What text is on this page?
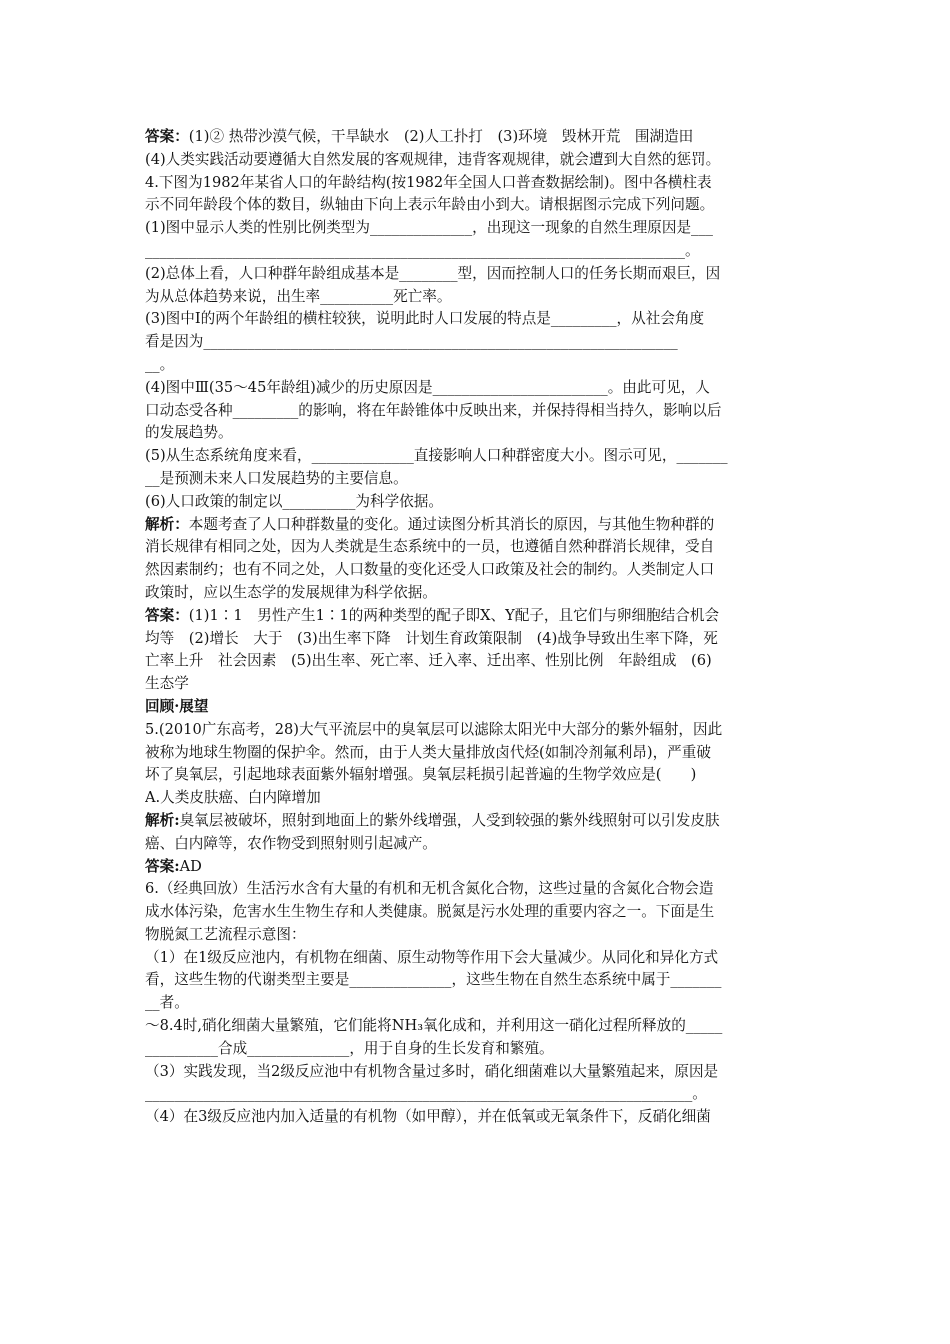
答案：(1)② 热带沙漠气候，干旱缺水　(2)人工扑打　(3)环境　毁林开荒　围湖造田
(4)人类实践活动要遵循大自然发展的客观规律，违背客观规律，就会遭到大自然的惩罚。
4.下图为1982年某省人口的年龄结构(按1982年全国人口普查数据绘制)。图中各横柱表
示不同年龄段个体的数目，纵轴由下向上表示年龄由小到大。请根据图示完成下列问题。
(1)图中显示人类的性别比例类型为______________，出现这一现象的自然生理原因是___
__________________________________________________________________________。
(2)总体上看，人口种群年龄组成基本是________型，因而控制人口的任务长期而艰巨，因
为从总体趋势来说，出生率__________死亡率。
(3)图中Ⅰ的两个年龄组的横柱较狭，说明此时人口发展的特点是_________，从社会角度
看是因为_________________________________________________________________
__。
(4)图中Ⅲ(35～45年龄组)减少的历史原因是________________________。由此可见，人
口动态受各种_________的影响，将在年龄锥体中反映出来，并保持得相当持久，影响以后
的发展趋势。
(5)从生态系统角度来看，______________直接影响人口种群密度大小。图示可见，_______
__是预测未来人口发展趋势的主要信息。
(6)人口政策的制定以__________为科学依据。
解析：本题考查了人口种群数量的变化。通过读图分析其消长的原因，与其他生物种群的
消长规律有相同之处，因为人类就是生态系统中的一员，也遵循自然种群消长规律，受自
然因素制约；也有不同之处，人口数量的变化还受人口政策及社会的制约。人类制定人口
政策时，应以生态学的发展规律为科学依据。
答案：(1)1∶1　男性产生1∶1的两种类型的配子即X、Y配子，且它们与卵细胞结合机会
均等　(2)增长　大于　(3)出生率下降　计划生育政策限制　(4)战争导致出生率下降，死
亡率上升　社会因素　(5)出生率、死亡率、迁入率、迁出率、性别比例　年龄组成　(6)
生态学
回顾·展望
5.(2010广东高考，28)大气平流层中的臭氧层可以滤除太阳光中大部分的紫外辐射，因此
被称为地球生物圈的保护伞。然而，由于人类大量排放卤代烃(如制冷剂氟利昂)，严重破
坏了臭氧层，引起地球表面紫外辐射增强。臭氧层耗损引起普遍的生物学效应是(　　)
A.人类皮肤癌、白内障增加
解析:臭氧层被破坏，照射到地面上的紫外线增强，人受到较强的紫外线照射可以引发皮肤
癌、白内障等，农作物受到照射则引起减产。
答案:AD
6.（经典回放）生活污水含有大量的有机和无机含氮化合物，这些过量的含氮化合物会造
成水体污染，危害水生生物生存和人类健康。脱氮是污水处理的重要内容之一。下面是生
物脱氮工艺流程示意图：
（1）在1级反应池内，有机物在细菌、原生动物等作用下会大量减少。从同化和异化方式
看，这些生物的代谢类型主要是______________，这些生物在自然生态系统中属于_______
__者。
～8.4时,硝化细菌大量繁殖，它们能将NH₃氧化成和，并利用这一硝化过程所释放的_____
__________合成______________，用于自身的生长发育和繁殖。
（3）实践发现，当2级反应池中有机物含量过多时，硝化细菌难以大量繁殖起来，原因是
___________________________________________________________________________。
（4）在3级反应池内加入适量的有机物（如甲醇），并在低氧或无氧条件下，反硝化细菌
